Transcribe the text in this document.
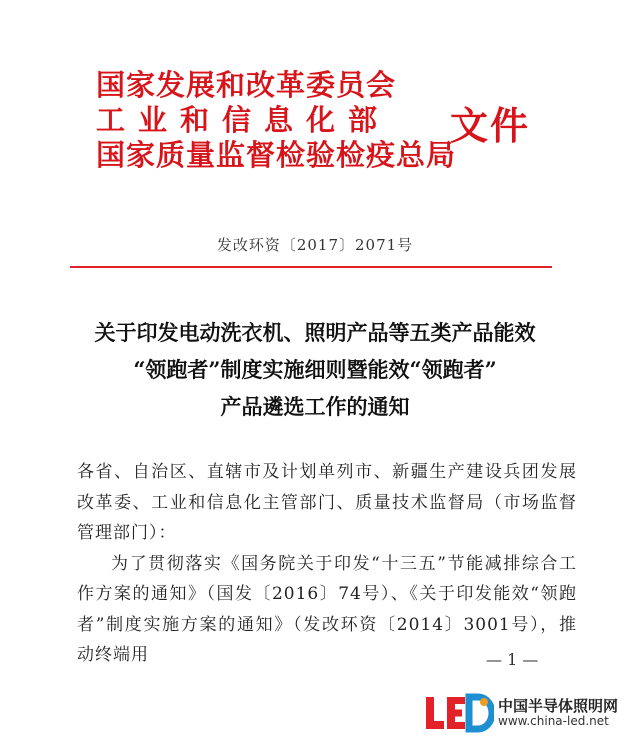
国家发展和改革委员会
工业和信息化部
国家质量监督检验检疫总局
文件
发改环资〔2017〕2071号
关于印发电动洗衣机、照明产品等五类产品能效
“领跑者”制度实施细则暨能效“领跑者”
产品遴选工作的通知

各省、自治区、直辖市及计划单列市、新疆生产建设兵团发展改革委、工业和信息化主管部门、质量技术监督局（市场监督管理部门）：

为了贯彻落实《国务院关于印发“十三五”节能减排综合工作方案的通知》（国发〔2016〕74号）、《关于印发能效“领跑者”制度实施方案的通知》（发改环资〔2014〕3001号），推动终端用	— 1 —
中国半导体照明网
www.china-led.net
